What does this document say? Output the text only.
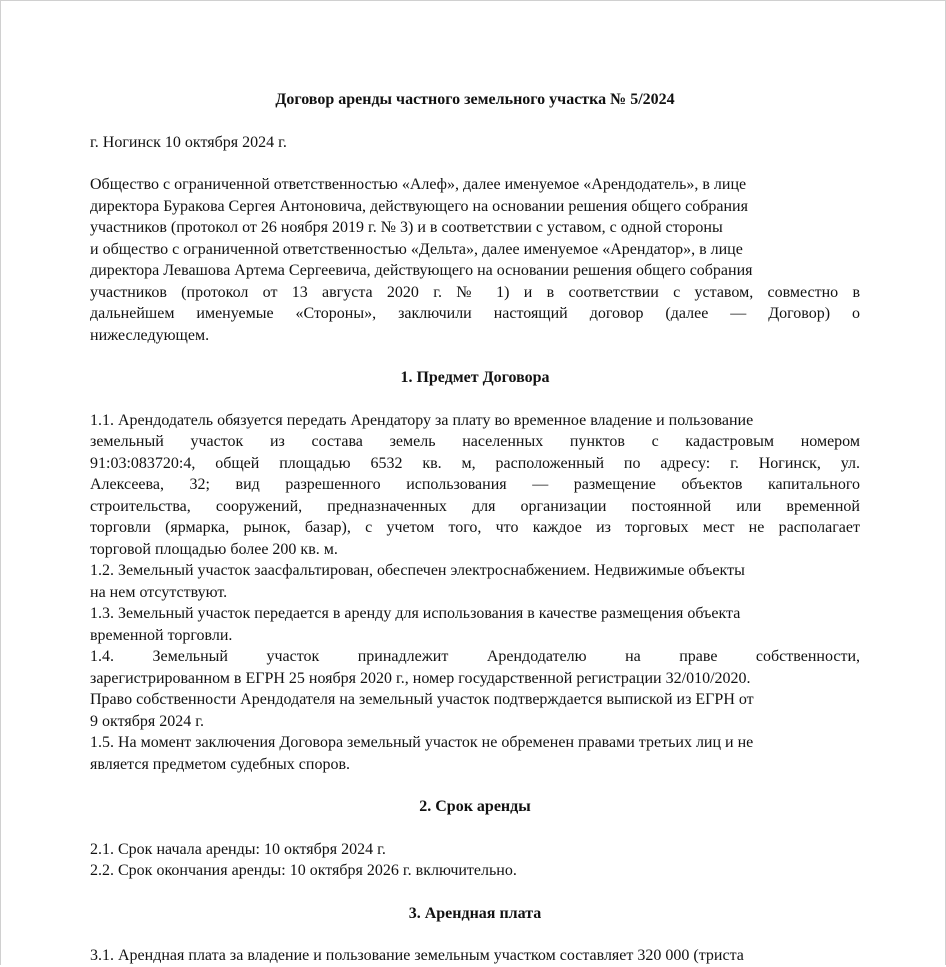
Договор аренды частного земельного участка № 5/2024

г. Ногинск 10 октября 2024 г.

Общество с ограниченной ответственностью «Алеф», далее именуемое «Арендодатель», в лице
директора Буракова Сергея Антоновича, действующего на основании решения общего собрания
участников (протокол от 26 ноября 2019 г. № 3) и в соответствии с уставом, с одной стороны
и общество с ограниченной ответственностью «Дельта», далее именуемое «Арендатор», в лице
директора Левашова Артема Сергеевича, действующего на основании решения общего собрания
участников (протокол от 13 августа 2020 г. № 1) и в соответствии с уставом, совместно в
дальнейшем именуемые «Стороны», заключили настоящий договор (далее — Договор) о
нижеследующем.

1. Предмет Договора

1.1. Арендодатель обязуется передать Арендатору за плату во временное владение и пользование
земельный участок из состава земель населенных пунктов с кадастровым номером
91:03:083720:4, общей площадью 6532 кв. м, расположенный по адресу: г. Ногинск, ул.
Алексеева, 32; вид разрешенного использования — размещение объектов капитального
строительства, сооружений, предназначенных для организации постоянной или временной
торговли (ярмарка, рынок, базар), с учетом того, что каждое из торговых мест не располагает
торговой площадью более 200 кв. м.

1.2. Земельный участок заасфальтирован, обеспечен электроснабжением. Недвижимые объекты
на нем отсутствуют.

1.3. Земельный участок передается в аренду для использования в качестве размещения объекта
временной торговли.

1.4. Земельный участок принадлежит Арендодателю на праве собственности,
зарегистрированном в ЕГРН 25 ноября 2020 г., номер государственной регистрации 32/010/2020.
Право собственности Арендодателя на земельный участок подтверждается выпиской из ЕГРН от
9 октября 2024 г.

1.5. На момент заключения Договора земельный участок не обременен правами третьих лиц и не
является предметом судебных споров.

2. Срок аренды

2.1. Срок начала аренды: 10 октября 2024 г.

2.2. Срок окончания аренды: 10 октября 2026 г. включительно.

3. Арендная плата

3.1. Арендная плата за владение и пользование земельным участком составляет 320 000 (триста
